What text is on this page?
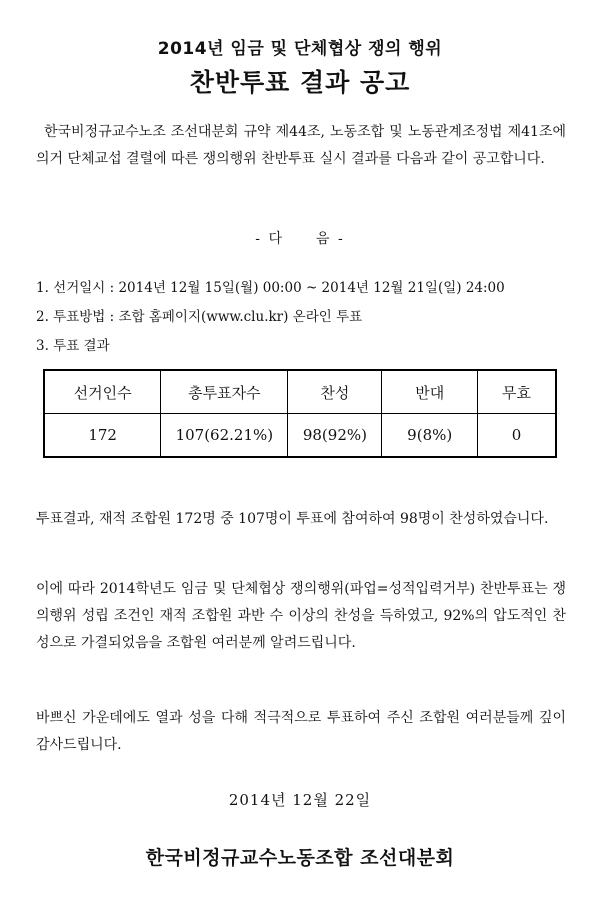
2014년 임금 및 단체협상 쟁의 행위
찬반투표 결과 공고
한국비정규교수노조 조선대분회 규약 제44조, 노동조합 및 노동관계조정법 제41조에 의거 단체교섭 결렬에 따른 쟁의행위 찬반투표 실시 결과를 다음과 같이 공고합니다.
- 다　　음 -
1. 선거일시 : 2014년 12월 15일(월) 00:00 ~ 2014년 12월 21일(일) 24:00
2. 투표방법 : 조합 홈페이지(www.clu.kr) 온라인 투표
3. 투표 결과
선거인수	총투표자수	찬성	반대	무효
172	107(62.21%)	98(92%)	9(8%)	0
투표결과, 재적 조합원 172명 중 107명이 투표에 참여하여 98명이 찬성하였습니다.
이에 따라 2014학년도 임금 및 단체협상 쟁의행위(파업=성적입력거부) 찬반투표는 쟁의행위 성립 조건인 재적 조합원 과반 수 이상의 찬성을 득하였고, 92%의 압도적인 찬성으로 가결되었음을 조합원 여러분께 알려드립니다.
바쁘신 가운데에도 열과 성을 다해 적극적으로 투표하여 주신 조합원 여러분들께 깊이 감사드립니다.
2014년 12월 22일
한국비정규교수노동조합 조선대분회
